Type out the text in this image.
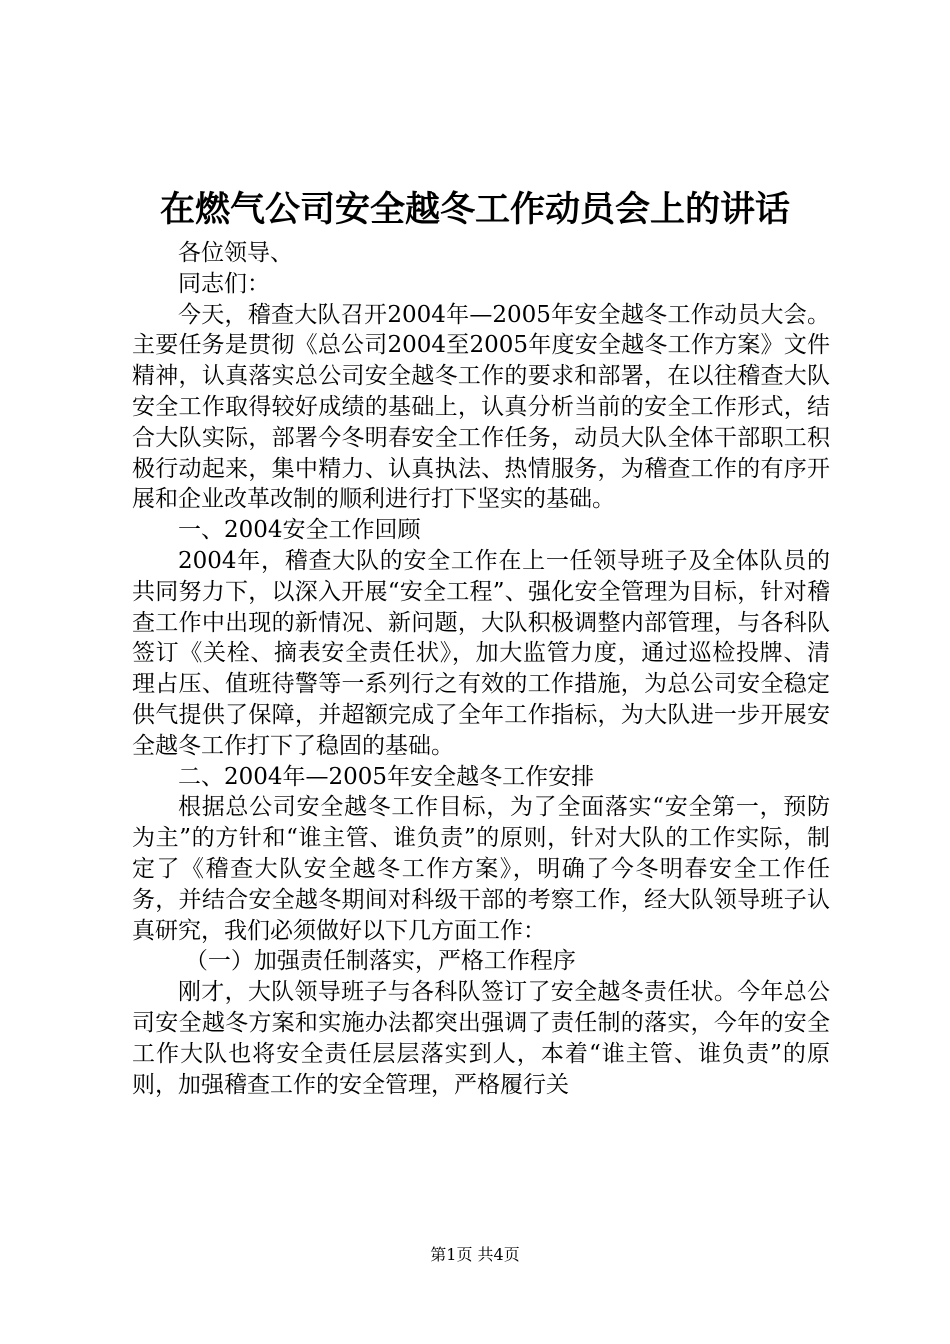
在燃气公司安全越冬工作动员会上的讲话

各位领导、

同志们：

今天，稽查大队召开2004年—2005年安全越冬工作动员大会。主要任务是贯彻《总公司2004至2005年度安全越冬工作方案》文件精神，认真落实总公司安全越冬工作的要求和部署，在以往稽查大队安全工作取得较好成绩的基础上，认真分析当前的安全工作形式，结合大队实际，部署今冬明春安全工作任务，动员大队全体干部职工积极行动起来，集中精力、认真执法、热情服务，为稽查工作的有序开展和企业改革改制的顺利进行打下坚实的基础。

一、2004安全工作回顾

2004年，稽查大队的安全工作在上一任领导班子及全体队员的共同努力下，以深入开展“安全工程”、强化安全管理为目标，针对稽查工作中出现的新情况、新问题，大队积极调整内部管理，与各科队签订《关栓、摘表安全责任状》，加大监管力度，通过巡检投牌、清理占压、值班待警等一系列行之有效的工作措施，为总公司安全稳定供气提供了保障，并超额完成了全年工作指标，为大队进一步开展安全越冬工作打下了稳固的基础。

二、2004年—2005年安全越冬工作安排

根据总公司安全越冬工作目标，为了全面落实“安全第一，预防为主”的方针和“谁主管、谁负责”的原则，针对大队的工作实际，制定了《稽查大队安全越冬工作方案》，明确了今冬明春安全工作任务，并结合安全越冬期间对科级干部的考察工作，经大队领导班子认真研究，我们必须做好以下几方面工作：

（一）加强责任制落实，严格工作程序

刚才，大队领导班子与各科队签订了安全越冬责任状。今年总公司安全越冬方案和实施办法都突出强调了责任制的落实，今年的安全工作大队也将安全责任层层落实到人，本着“谁主管、谁负责”的原则，加强稽查工作的安全管理，严格履行关

第1页 共4页
